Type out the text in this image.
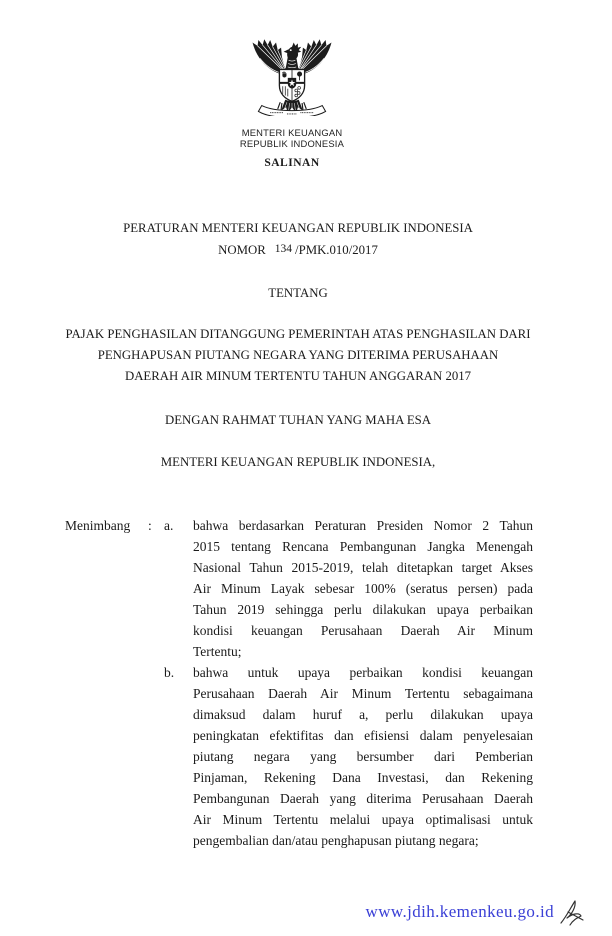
MENTERI KEUANGAN
REPUBLIK INDONESIA
SALINAN
PERATURAN MENTERI KEUANGAN REPUBLIK INDONESIA
NOMOR 134 /PMK.010/2017
TENTANG
PAJAK PENGHASILAN DITANGGUNG PEMERINTAH ATAS PENGHASILAN DARI
PENGHAPUSAN PIUTANG NEGARA YANG DITERIMA PERUSAHAAN
DAERAH AIR MINUM TERTENTU TAHUN ANGGARAN 2017
DENGAN RAHMAT TUHAN YANG MAHA ESA
MENTERI KEUANGAN REPUBLIK INDONESIA,
Menimbang : a. bahwa berdasarkan Peraturan Presiden Nomor 2 Tahun
2015 tentang Rencana Pembangunan Jangka Menengah
Nasional Tahun 2015-2019, telah ditetapkan target Akses
Air Minum Layak sebesar 100% (seratus persen) pada
Tahun 2019 sehingga perlu dilakukan upaya perbaikan
kondisi keuangan Perusahaan Daerah Air Minum
Tertentu;
b. bahwa untuk upaya perbaikan kondisi keuangan
Perusahaan Daerah Air Minum Tertentu sebagaimana
dimaksud dalam huruf a, perlu dilakukan upaya
peningkatan efektifitas dan efisiensi dalam penyelesaian
piutang negara yang bersumber dari Pemberian
Pinjaman, Rekening Dana Investasi, dan Rekening
Pembangunan Daerah yang diterima Perusahaan Daerah
Air Minum Tertentu melalui upaya optimalisasi untuk
pengembalian dan/atau penghapusan piutang negara;
www.jdih.kemenkeu.go.id
